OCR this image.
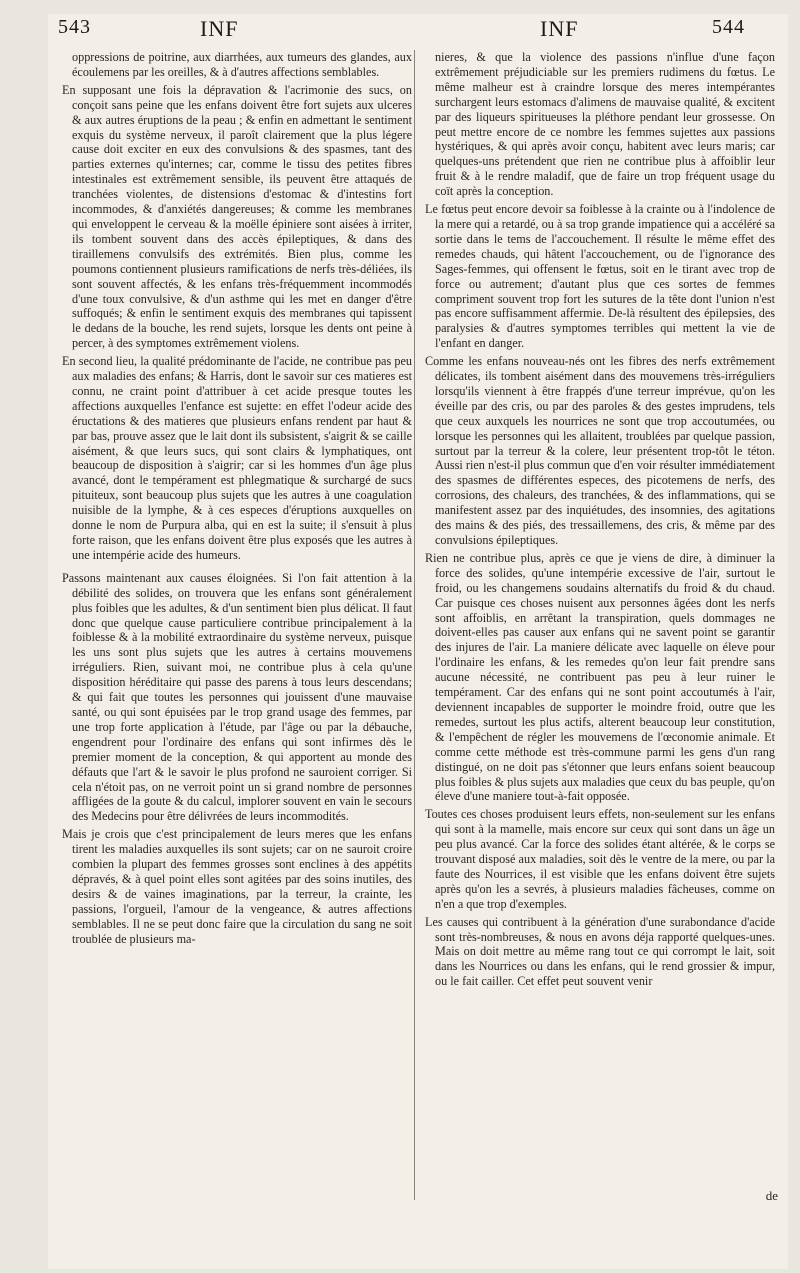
543	INF	INF	544

oppressions de poitrine, aux diarrhées, aux tumeurs des glandes, aux écoulemens par les oreilles, & à d'autres affections semblables.

En supposant une fois la dépravation & l'acrimonie des sucs, on conçoit sans peine que les enfans doivent être fort sujets aux ulceres & aux autres éruptions de la peau ; & enfin en admettant le sentiment exquis du système nerveux, il paroît clairement que la plus légere cause doit exciter en eux des convulsions & des spasmes, tant des parties externes qu'internes; car, comme le tissu des petites fibres intestinales est extrêmement sensible, ils peuvent être attaqués de tranchées violentes, de distensions d'estomac & d'intestins fort incommodes, & d'anxiétés dangereuses; & comme les membranes qui enveloppent le cerveau & la moëlle épiniere sont aisées à irriter, ils tombent souvent dans des accès épileptiques, & dans des tiraillemens convulsifs des extrémités. Bien plus, comme les poumons contiennent plusieurs ramifications de nerfs très-déliées, ils sont souvent affectés, & les enfans très-fréquemment incommodés d'une toux convulsive, & d'un asthme qui les met en danger d'être suffoqués; & enfin le sentiment exquis des membranes qui tapissent le dedans de la bouche, les rend sujets, lorsque les dents ont peine à percer, à des symptomes extrêmement violens.

En second lieu, la qualité prédominante de l'acide, ne contribue pas peu aux maladies des enfans; & Harris, dont le savoir sur ces matieres est connu, ne craint point d'attribuer à cet acide presque toutes les affections auxquelles l'enfance est sujette: en effet l'odeur acide des éructations & des matieres que plusieurs enfans rendent par haut & par bas, prouve assez que le lait dont ils subsistent, s'aigrit & se caille aisément, & que leurs sucs, qui sont clairs & lymphatiques, ont beaucoup de disposition à s'aigrir; car si les hommes d'un âge plus avancé, dont le tempérament est phlegmatique & surchargé de sucs pituiteux, sont beaucoup plus sujets que les autres à une coagulation nuisible de la lymphe, & à ces especes d'éruptions auxquelles on donne le nom de Purpura alba, qui en est la suite; il s'ensuit à plus forte raison, que les enfans doivent être plus exposés que les autres à une intempérie acide des humeurs.

Passons maintenant aux causes éloignées. Si l'on fait attention à la débilité des solides, on trouvera que les enfans sont généralement plus foibles que les adultes, & d'un sentiment bien plus délicat. Il faut donc que quelque cause particuliere contribue principalement à la foiblesse & à la mobilité extraordinaire du système nerveux, puisque les uns sont plus sujets que les autres à certains mouvemens irréguliers. Rien, suivant moi, ne contribue plus à cela qu'une disposition héréditaire qui passe des parens à tous leurs descendans; & qui fait que toutes les personnes qui jouissent d'une mauvaise santé, ou qui sont épuisées par le trop grand usage des femmes, par une trop forte application à l'étude, par l'âge ou par la débauche, engendrent pour l'ordinaire des enfans qui sont infirmes dès le premier moment de la conception, & qui apportent au monde des défauts que l'art & le savoir le plus profond ne sauroient corriger. Si cela n'étoit pas, on ne verroit point un si grand nombre de personnes affligées de la goute & du calcul, implorer souvent en vain le secours des Medecins pour être délivrées de leurs incommodités.

Mais je crois que c'est principalement de leurs meres que les enfans tirent les maladies auxquelles ils sont sujets; car on ne sauroit croire combien la plupart des femmes grosses sont enclines à des appétits dépravés, & à quel point elles sont agitées par des soins inutiles, des desirs & de vaines imaginations, par la terreur, la crainte, les passions, l'orgueil, l'amour de la vengeance, & autres affections semblables. Il ne se peut donc faire que la circulation du sang ne soit troublée de plusieurs ma-

nieres, & que la violence des passions n'influe d'une façon extrêmement préjudiciable sur les premiers rudimens du fœtus. Le même malheur est à craindre lorsque des meres intempérantes surchargent leurs estomacs d'alimens de mauvaise qualité, & excitent par des liqueurs spiritueuses la pléthore pendant leur grossesse. On peut mettre encore de ce nombre les femmes sujettes aux passions hystériques, & qui après avoir conçu, habitent avec leurs maris; car quelques-uns prétendent que rien ne contribue plus à affoiblir leur fruit & à le rendre maladif, que de faire un trop fréquent usage du coït après la conception.

Le fœtus peut encore devoir sa foiblesse à la crainte ou à l'indolence de la mere qui a retardé, ou à sa trop grande impatience qui a accéléré sa sortie dans le tems de l'accouchement. Il résulte le même effet des remedes chauds, qui hâtent l'accouchement, ou de l'ignorance des Sages-femmes, qui offensent le fœtus, soit en le tirant avec trop de force ou autrement; d'autant plus que ces sortes de femmes compriment souvent trop fort les sutures de la tête dont l'union n'est pas encore suffisamment affermie. De-là résultent des épilepsies, des paralysies & d'autres symptomes terribles qui mettent la vie de l'enfant en danger.

Comme les enfans nouveau-nés ont les fibres des nerfs extrêmement délicates, ils tombent aisément dans des mouvemens très-irréguliers lorsqu'ils viennent à être frappés d'une terreur imprévue, qu'on les éveille par des cris, ou par des paroles & des gestes imprudens, tels que ceux auxquels les nourrices ne sont que trop accoutumées, ou lorsque les personnes qui les allaitent, troublées par quelque passion, surtout par la terreur & la colere, leur présentent trop-tôt le téton. Aussi rien n'est-il plus commun que d'en voir résulter immédiatement des spasmes de différentes especes, des picotemens de nerfs, des corrosions, des chaleurs, des tranchées, & des inflammations, qui se manifestent assez par des inquiétudes, des insomnies, des agitations des mains & des piés, des tressaillemens, des cris, & même par des convulsions épileptiques.

Rien ne contribue plus, après ce que je viens de dire, à diminuer la force des solides, qu'une intempérie excessive de l'air, surtout le froid, ou les changemens soudains alternatifs du froid & du chaud. Car puisque ces choses nuisent aux personnes âgées dont les nerfs sont affoiblis, en arrêtant la transpiration, quels dommages ne doivent-elles pas causer aux enfans qui ne savent point se garantir des injures de l'air. La maniere délicate avec laquelle on éleve pour l'ordinaire les enfans, & les remedes qu'on leur fait prendre sans aucune nécessité, ne contribuent pas peu à leur ruiner le tempérament. Car des enfans qui ne sont point accoutumés à l'air, deviennent incapables de supporter le moindre froid, outre que les remedes, surtout les plus actifs, alterent beaucoup leur constitution, & l'empêchent de régler les mouvemens de l'œconomie animale. Et comme cette méthode est très-commune parmi les gens d'un rang distingué, on ne doit pas s'étonner que leurs enfans soient beaucoup plus foibles & plus sujets aux maladies que ceux du bas peuple, qu'on éleve d'une maniere tout-à-fait opposée.

Toutes ces choses produisent leurs effets, non-seulement sur les enfans qui sont à la mamelle, mais encore sur ceux qui sont dans un âge un peu plus avancé. Car la force des solides étant altérée, & le corps se trouvant disposé aux maladies, soit dès le ventre de la mere, ou par la faute des Nourrices, il est visible que les enfans doivent être sujets après qu'on les a sevrés, à plusieurs maladies fâcheuses, comme on n'en a que trop d'exemples.

Les causes qui contribuent à la génération d'une surabondance d'acide sont très-nombreuses, & nous en avons déja rapporté quelques-unes. Mais on doit mettre au même rang tout ce qui corrompt le lait, soit dans les Nourrices ou dans les enfans, qui le rend grossier & impur, ou le fait cailler. Cet effet peut souvent venir

de
